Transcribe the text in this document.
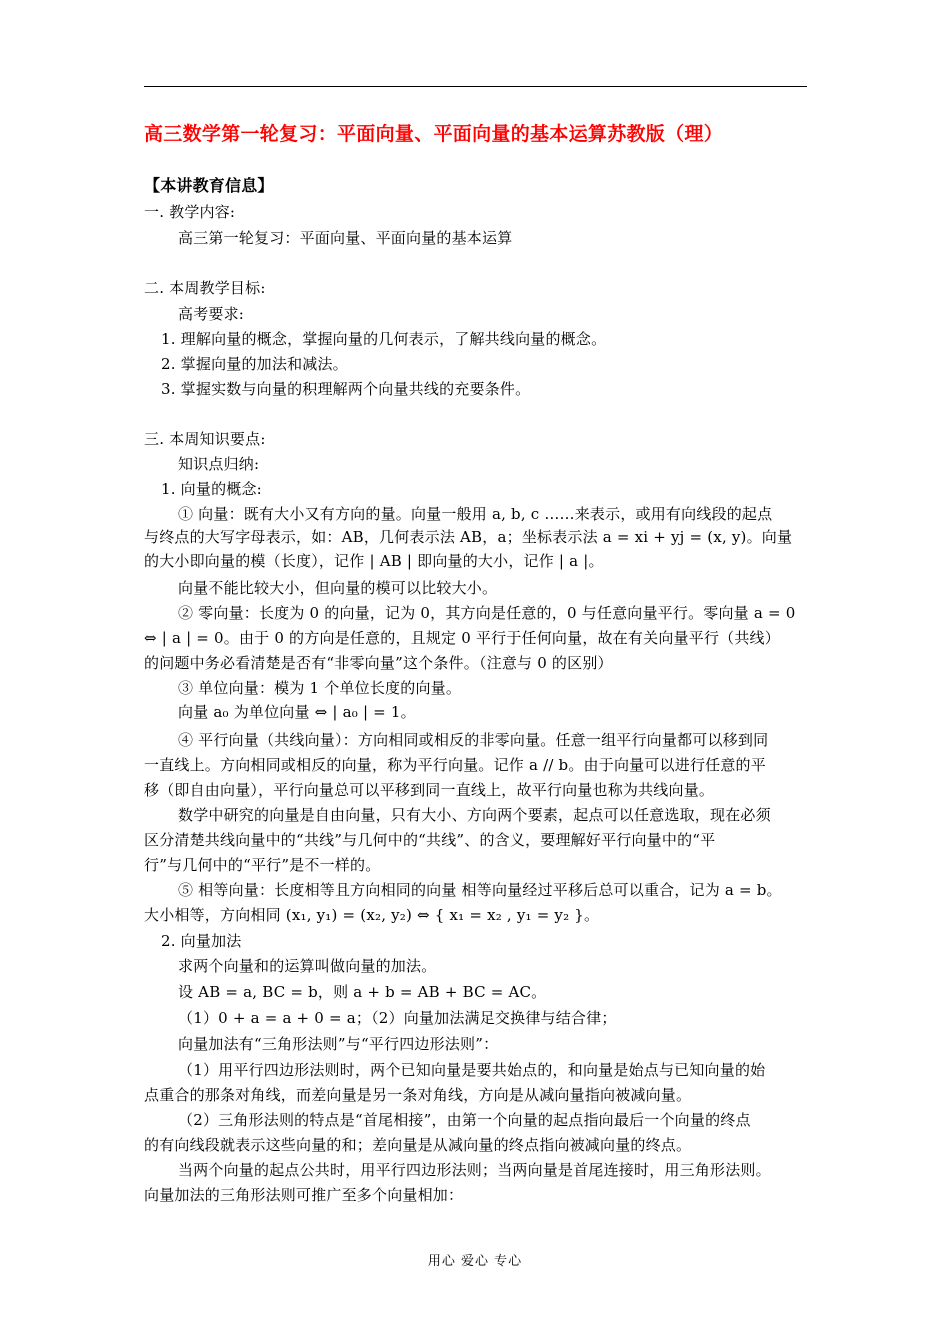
高三数学第一轮复习：平面向量、平面向量的基本运算苏教版（理）
【本讲教育信息】
一. 教学内容:
高三第一轮复习：平面向量、平面向量的基本运算
二. 本周教学目标:
高考要求:
1. 理解向量的概念，掌握向量的几何表示，了解共线向量的概念。
2. 掌握向量的加法和减法。
3. 掌握实数与向量的积理解两个向量共线的充要条件。
三. 本周知识要点:
知识点归纳:
1. 向量的概念:
① 向量：既有大小又有方向的量。向量一般用 a, b, c ……来表示，或用有向线段的起点
与终点的大写字母表示，如：AB，几何表示法 AB，a；坐标表示法 a = xi + yj = (x, y)。向量
的大小即向量的模（长度），记作 | AB | 即向量的大小，记作 | a |。
向量不能比较大小，但向量的模可以比较大小。
② 零向量：长度为 0 的向量，记为 0，其方向是任意的，0 与任意向量平行。零向量 a = 0
⇔ | a | = 0。由于 0 的方向是任意的，且规定 0 平行于任何向量，故在有关向量平行（共线）
的问题中务必看清楚是否有“非零向量”这个条件。（注意与 0 的区别）
③ 单位向量：模为 1 个单位长度的向量。
向量 a₀ 为单位向量 ⇔ | a₀ | = 1。
④ 平行向量（共线向量）：方向相同或相反的非零向量。任意一组平行向量都可以移到同
一直线上。方向相同或相反的向量，称为平行向量。记作 a // b。由于向量可以进行任意的平
移（即自由向量），平行向量总可以平移到同一直线上，故平行向量也称为共线向量。
数学中研究的向量是自由向量，只有大小、方向两个要素，起点可以任意选取，现在必须
区分清楚共线向量中的“共线”与几何中的“共线”、的含义，要理解好平行向量中的“平
行”与几何中的“平行”是不一样的。
⑤ 相等向量：长度相等且方向相同的向量 相等向量经过平移后总可以重合，记为 a = b。
大小相等，方向相同 (x₁, y₁) = (x₂, y₂) ⇔ { x₁ = x₂ , y₁ = y₂ }。
2. 向量加法
求两个向量和的运算叫做向量的加法。
设 AB = a, BC = b，则 a + b = AB + BC = AC。
（1）0 + a = a + 0 = a；（2）向量加法满足交换律与结合律；
向量加法有“三角形法则”与“平行四边形法则”：
（1）用平行四边形法则时，两个已知向量是要共始点的，和向量是始点与已知向量的始
点重合的那条对角线，而差向量是另一条对角线，方向是从减向量指向被减向量。
（2）三角形法则的特点是“首尾相接”，由第一个向量的起点指向最后一个向量的终点
的有向线段就表示这些向量的和；差向量是从减向量的终点指向被减向量的终点。
当两个向量的起点公共时，用平行四边形法则；当两向量是首尾连接时，用三角形法则。
向量加法的三角形法则可推广至多个向量相加：
用心 爱心 专心
